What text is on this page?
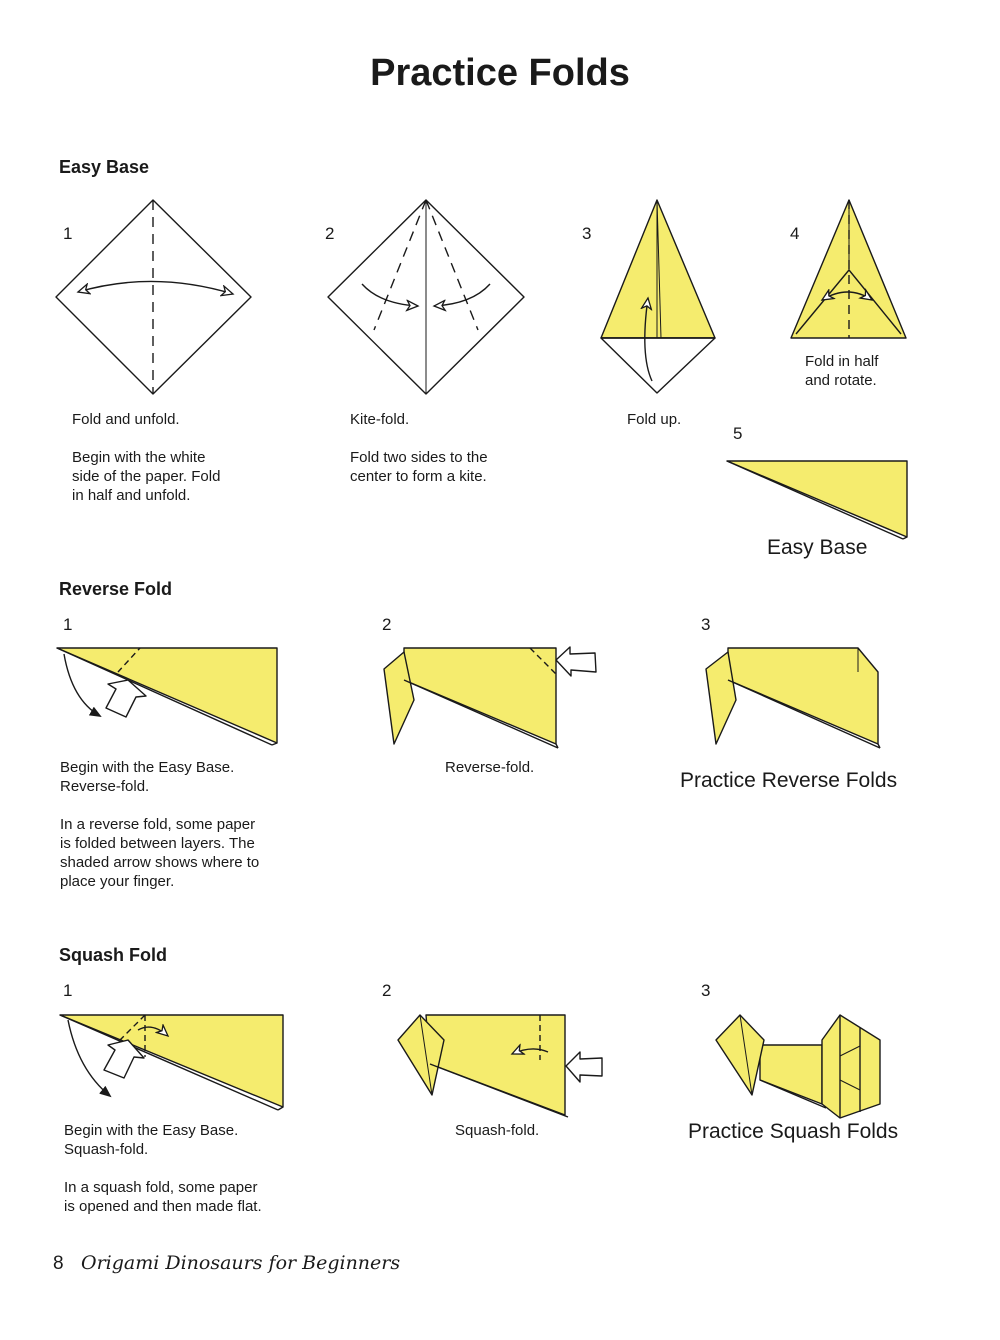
Practice Folds
Easy Base
1	2	3	4
5
Fold and unfold.

Begin with the white
side of the paper. Fold
in half and unfold.
Kite-fold.

Fold two sides to the
center to form a kite.
Fold up.
Fold in half
and rotate.
Easy Base
Reverse Fold
1	2	3
Begin with the Easy Base.
Reverse-fold.

In a reverse fold, some paper
is folded between layers. The
shaded arrow shows where to
place your finger.
Reverse-fold.
Practice Reverse Folds
Squash Fold
1	2	3
Begin with the Easy Base.
Squash-fold.

In a squash fold, some paper
is opened and then made flat.
Squash-fold.	Practice Squash Folds
8 Origami Dinosaurs for Beginners
